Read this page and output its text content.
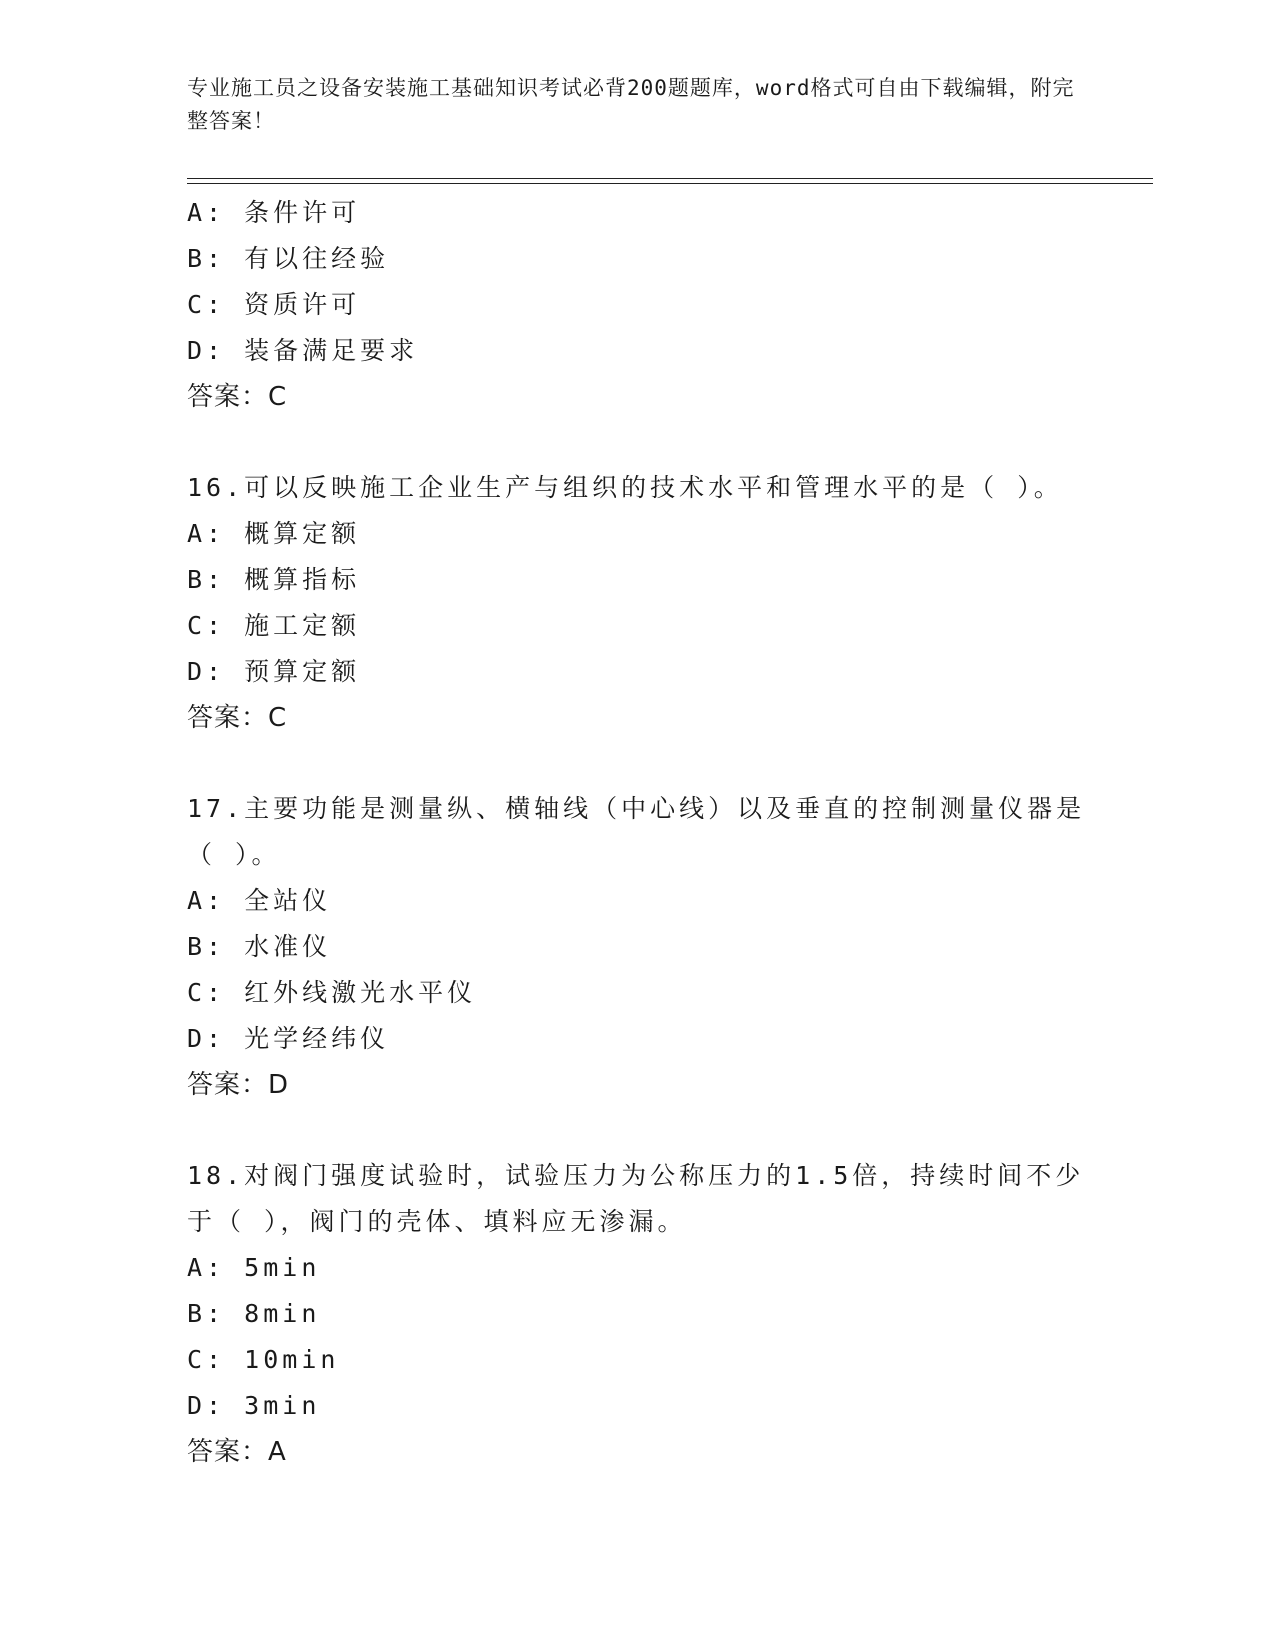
专业施工员之设备安装施工基础知识考试必背200题题库，word格式可自由下载编辑，附完整答案！
A: 条件许可
B: 有以往经验
C: 资质许可
D: 装备满足要求
答案：C
16.可以反映施工企业生产与组织的技术水平和管理水平的是（ ）。
A: 概算定额
B: 概算指标
C: 施工定额
D: 预算定额
答案：C
17.主要功能是测量纵、横轴线（中心线）以及垂直的控制测量仪器是（ ）。
A: 全站仪
B: 水准仪
C: 红外线激光水平仪
D: 光学经纬仪
答案：D
18.对阀门强度试验时，试验压力为公称压力的1.5倍，持续时间不少于（ ），阀门的壳体、填料应无渗漏。
A: 5min
B: 8min
C: 10min
D: 3min
答案：A
